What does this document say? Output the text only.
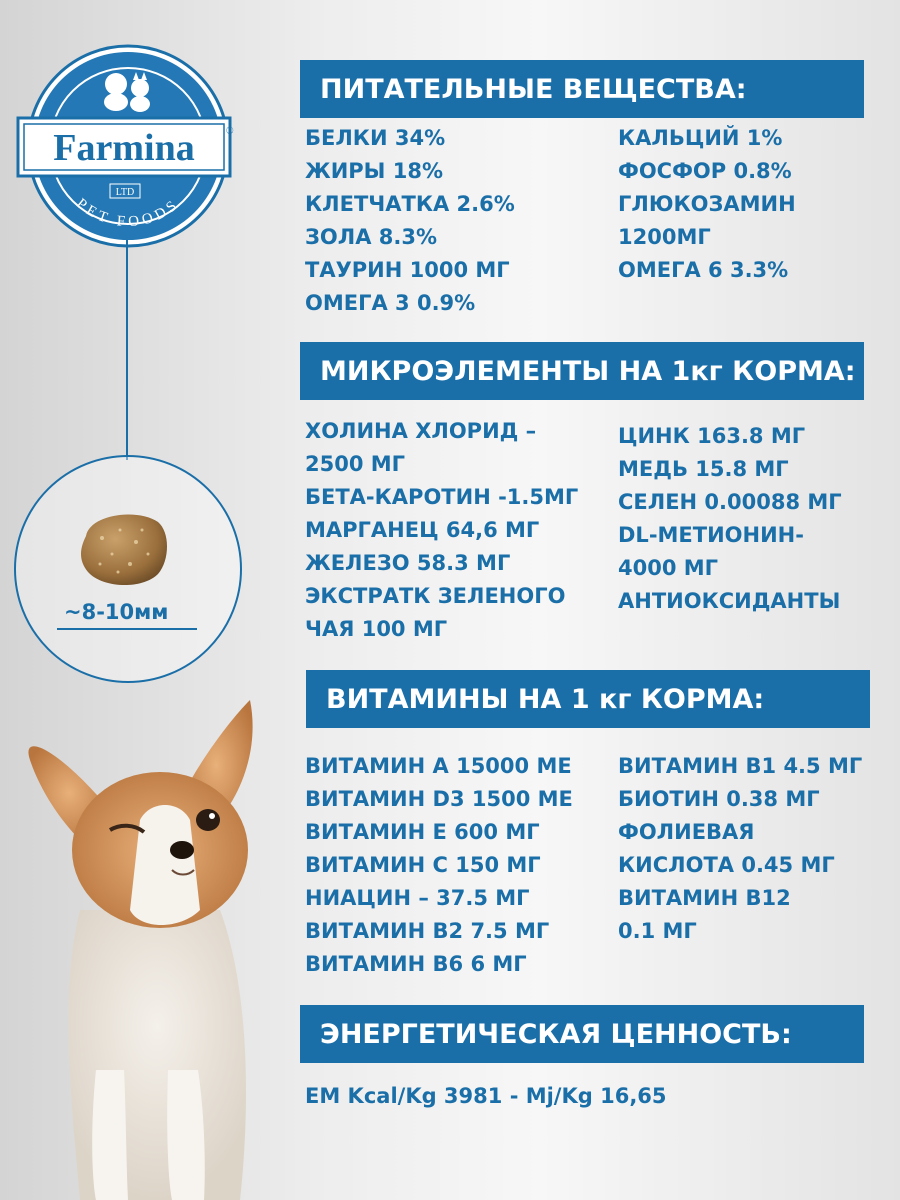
Farmina	®
LTD
PET FOODS
~8-10мм
ПИТАТЕЛЬНЫЕ ВЕЩЕСТВА:
БЕЛКИ 34%
ЖИРЫ 18%
КЛЕТЧАТКА 2.6%
ЗОЛА 8.3%
ТАУРИН 1000 МГ
ОМЕГА 3 0.9%
КАЛЬЦИЙ 1%
ФОСФОР 0.8%
ГЛЮКОЗАМИН
1200МГ
ОМЕГА 6 3.3%
МИКРОЭЛЕМЕНТЫ НА 1кг КОРМА:
ХОЛИНА ХЛОРИД –
2500 МГ
БЕТА-КАРОТИН -1.5МГ
МАРГАНЕЦ 64,6 МГ
ЖЕЛЕЗО 58.3 МГ
ЭКСТРАТК ЗЕЛЕНОГО
ЧАЯ 100 МГ
ЦИНК 163.8 МГ
МЕДЬ 15.8 МГ
СЕЛЕН 0.00088 МГ
DL-МЕТИОНИН-
4000 МГ
АНТИОКСИДАНТЫ
ВИТАМИНЫ НА 1 кг КОРМА:
ВИТАМИН A 15000 МЕ
ВИТАМИН D3 1500 МЕ
ВИТАМИН E 600 МГ
ВИТАМИН C 150 МГ
НИАЦИН – 37.5 МГ
ВИТАМИН B2 7.5 МГ
ВИТАМИН B6 6 МГ
ВИТАМИН B1 4.5 МГ
БИОТИН 0.38 МГ
ФОЛИЕВАЯ
КИСЛОТА 0.45 МГ
ВИТАМИН B12
0.1 МГ
ЭНЕРГЕТИЧЕСКАЯ ЦЕННОСТЬ:
EM Kcal/Kg 3981 - Mj/Kg 16,65
